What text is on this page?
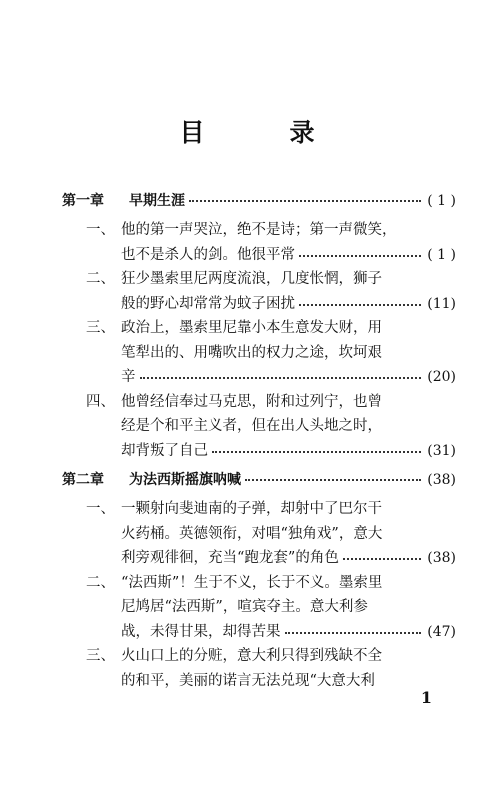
目　录
第一章 早期生涯	( 1 )
一、 他的第一声哭泣，绝不是诗；第一声微笑，
也不是杀人的剑。他很平常	( 1 )
二、 狂少墨索里尼两度流浪，几度怅惘，狮子
般的野心却常常为蚊子困扰	(11)
三、 政治上，墨索里尼靠小本生意发大财，用
笔犁出的、用嘴吹出的权力之途，坎坷艰
辛	(20)
四、 他曾经信奉过马克思，附和过列宁，也曾
经是个和平主义者，但在出人头地之时，
却背叛了自己	(31)
第二章 为法西斯摇旗呐喊	(38)
一、 一颗射向斐迪南的子弹，却射中了巴尔干
火药桶。英德领衔，对唱“独角戏”，意大
利旁观徘徊，充当“跑龙套”的角色	(38)
二、 “法西斯”！生于不义，长于不义。墨索里
尼鸠居“法西斯”，喧宾夺主。意大利参
战，未得甘果，却得苦果	(47)
三、 火山口上的分赃，意大利只得到残缺不全
的和平，美丽的诺言无法兑现“大意大利
1
